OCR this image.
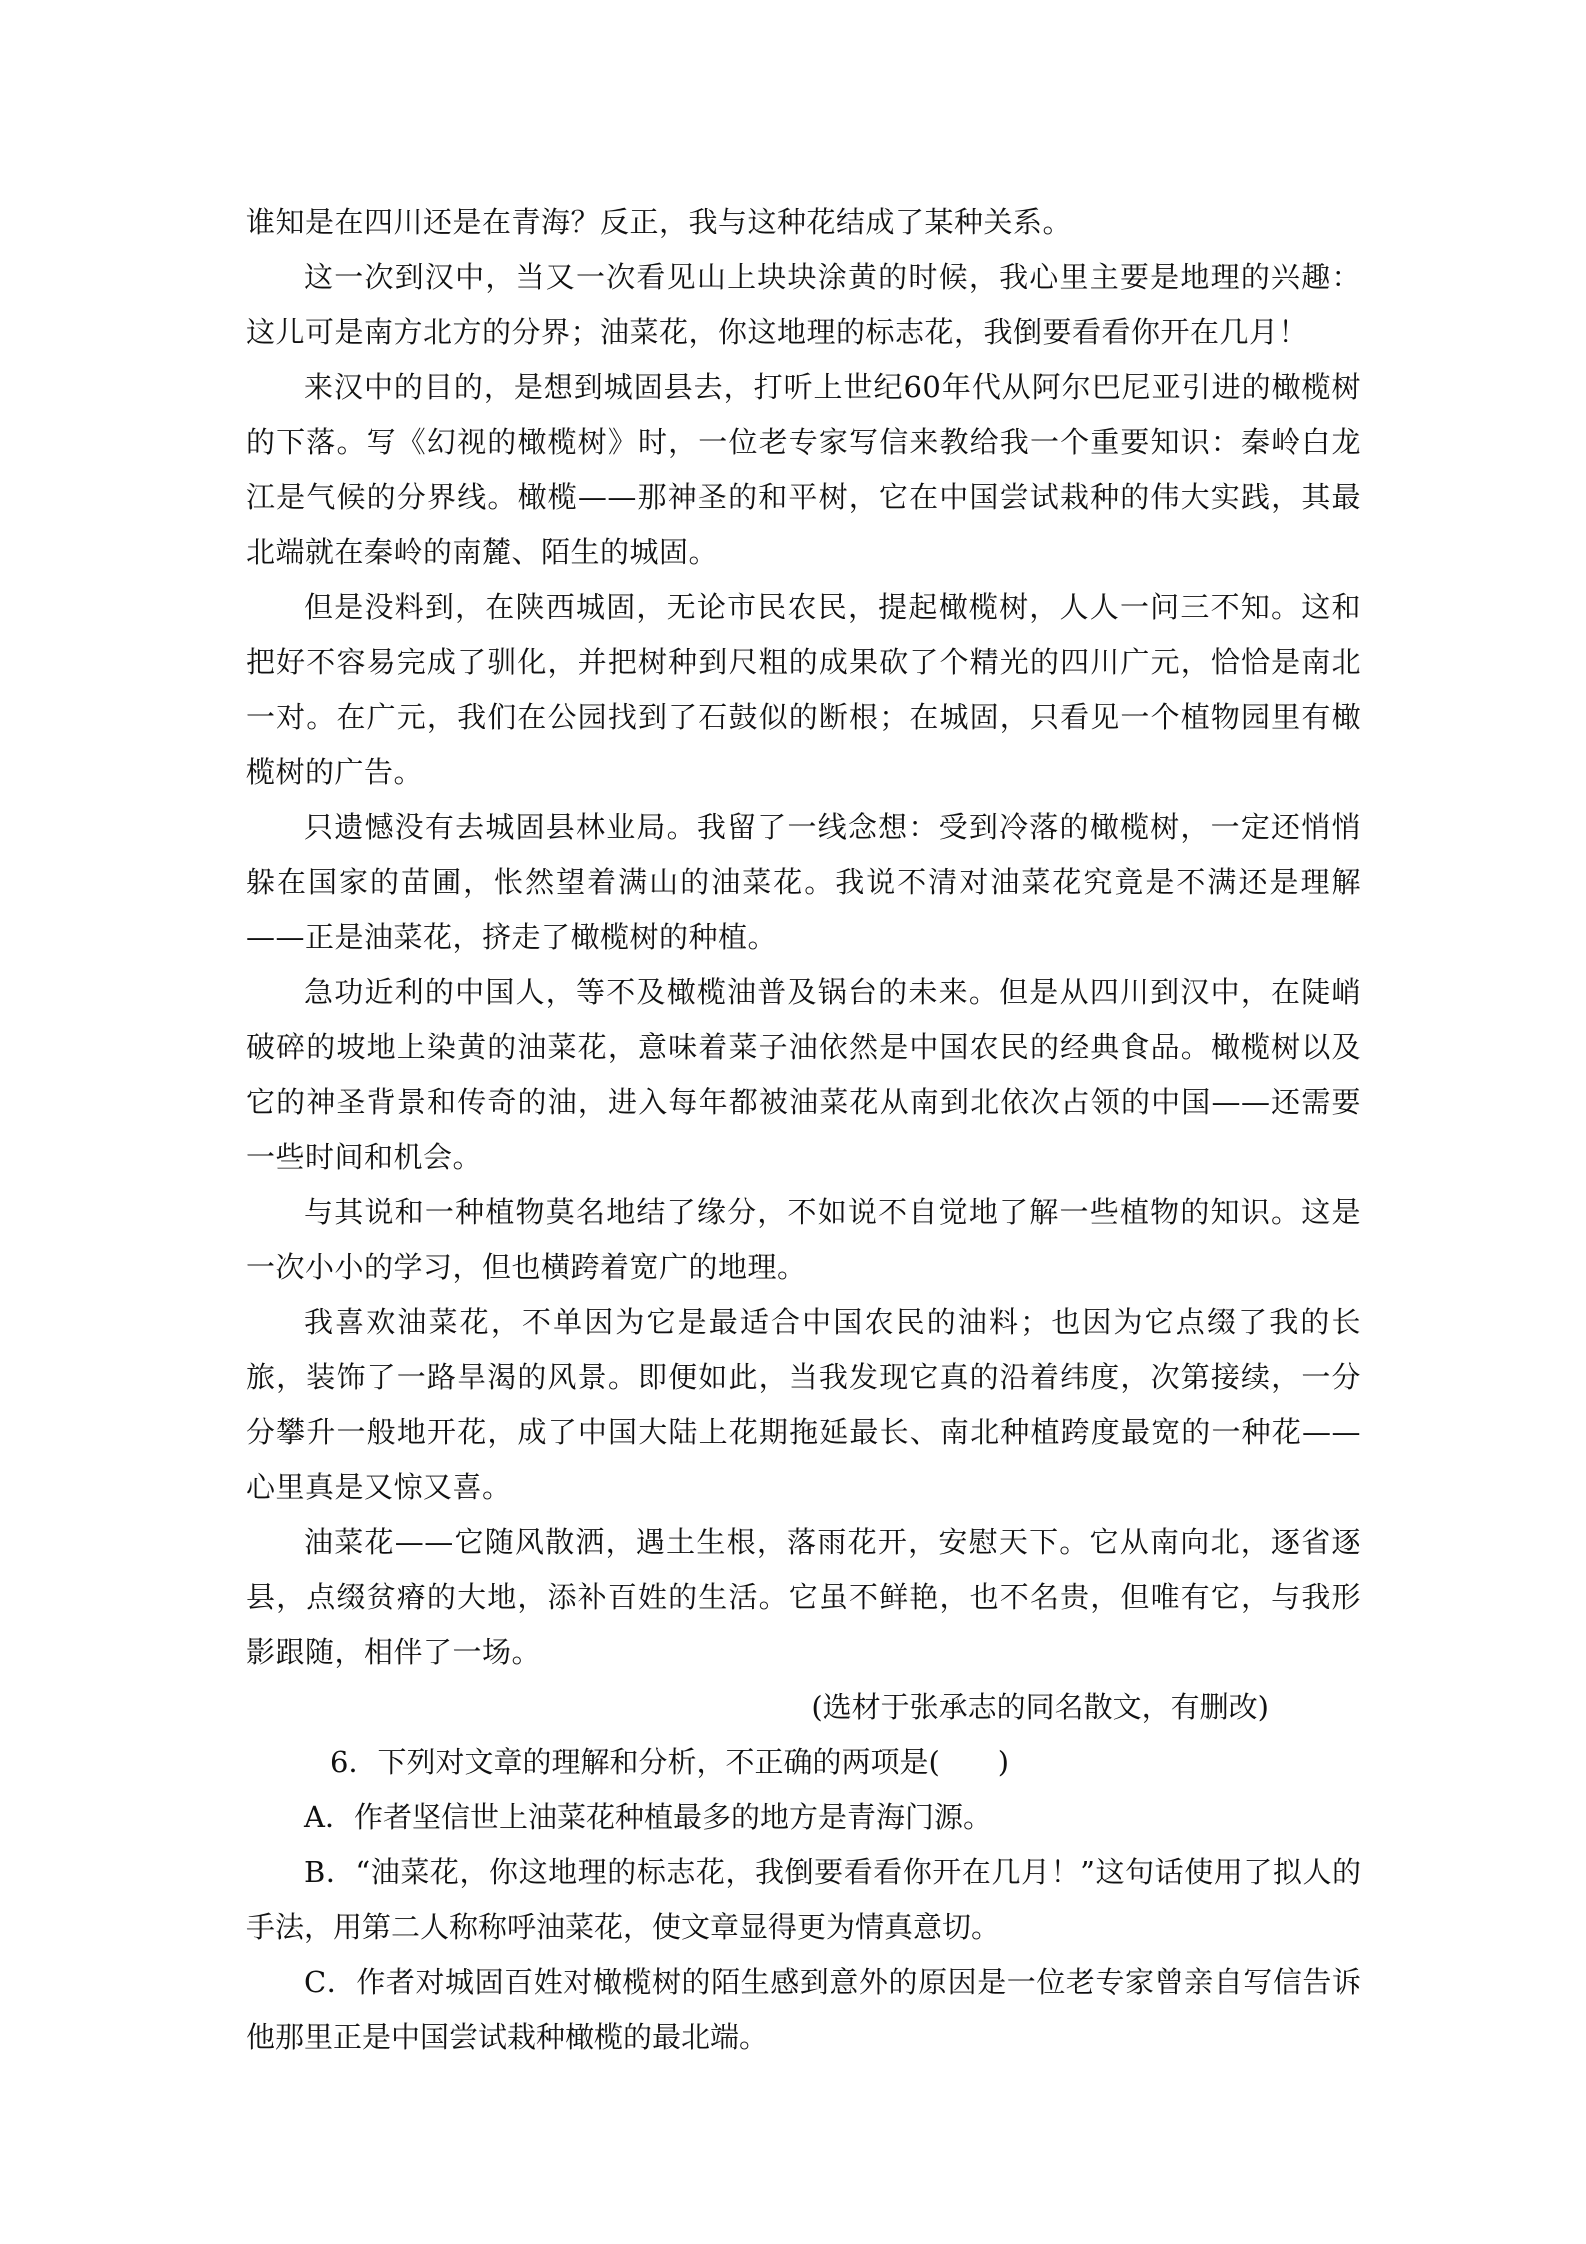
谁知是在四川还是在青海？反正，我与这种花结成了某种关系。

这一次到汉中，当又一次看见山上块块涂黄的时候，我心里主要是地理的兴趣：这儿可是南方北方的分界；油菜花，你这地理的标志花，我倒要看看你开在几月！

来汉中的目的，是想到城固县去，打听上世纪60年代从阿尔巴尼亚引进的橄榄树的下落。写《幻视的橄榄树》时，一位老专家写信来教给我一个重要知识：秦岭白龙江是气候的分界线。橄榄——那神圣的和平树，它在中国尝试栽种的伟大实践，其最北端就在秦岭的南麓、陌生的城固。

但是没料到，在陕西城固，无论市民农民，提起橄榄树，人人一问三不知。这和把好不容易完成了驯化，并把树种到尺粗的成果砍了个精光的四川广元，恰恰是南北一对。在广元，我们在公园找到了石鼓似的断根；在城固，只看见一个植物园里有橄榄树的广告。

只遗憾没有去城固县林业局。我留了一线念想：受到冷落的橄榄树，一定还悄悄躲在国家的苗圃，怅然望着满山的油菜花。我说不清对油菜花究竟是不满还是理解——正是油菜花，挤走了橄榄树的种植。

急功近利的中国人，等不及橄榄油普及锅台的未来。但是从四川到汉中，在陡峭破碎的坡地上染黄的油菜花，意味着菜子油依然是中国农民的经典食品。橄榄树以及它的神圣背景和传奇的油，进入每年都被油菜花从南到北依次占领的中国——还需要一些时间和机会。

与其说和一种植物莫名地结了缘分，不如说不自觉地了解一些植物的知识。这是一次小小的学习，但也横跨着宽广的地理。

我喜欢油菜花，不单因为它是最适合中国农民的油料；也因为它点缀了我的长旅，装饰了一路旱渴的风景。即便如此，当我发现它真的沿着纬度，次第接续，一分分攀升一般地开花，成了中国大陆上花期拖延最长、南北种植跨度最宽的一种花——心里真是又惊又喜。

油菜花——它随风散洒，遇土生根，落雨花开，安慰天下。它从南向北，逐省逐县，点缀贫瘠的大地，添补百姓的生活。它虽不鲜艳，也不名贵，但唯有它，与我形影跟随，相伴了一场。

(选材于张承志的同名散文，有删改)

6．下列对文章的理解和分析，不正确的两项是(　　)

A．作者坚信世上油菜花种植最多的地方是青海门源。

B．“油菜花，你这地理的标志花，我倒要看看你开在几月！”这句话使用了拟人的手法，用第二人称称呼油菜花，使文章显得更为情真意切。

C．作者对城固百姓对橄榄树的陌生感到意外的原因是一位老专家曾亲自写信告诉他那里正是中国尝试栽种橄榄的最北端。
